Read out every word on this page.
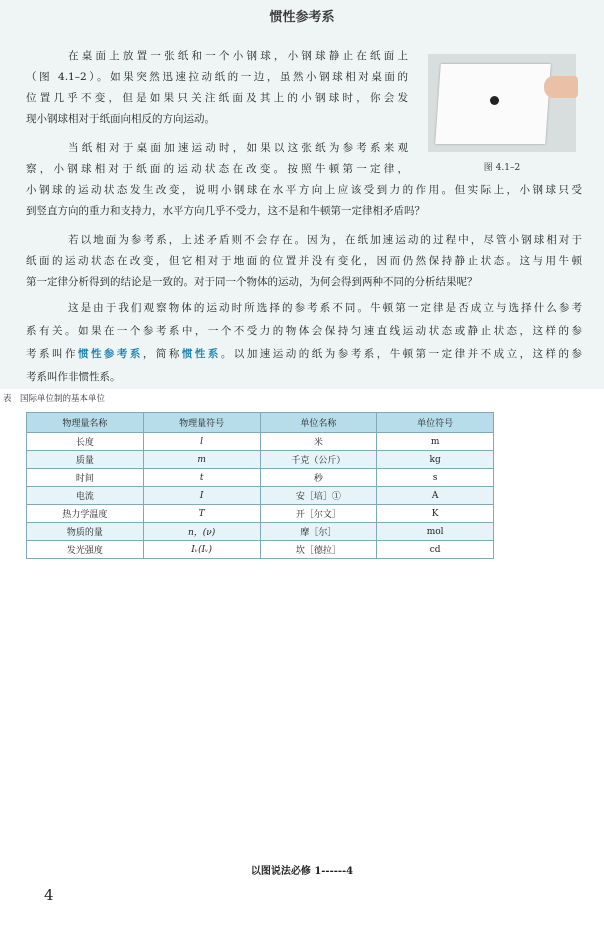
惯性参考系
图 4.1–2

在桌面上放置一张纸和一个小钢球，小钢球静止在纸面上

（图 4.1–2）。如果突然迅速拉动纸的一边，虽然小钢球相对桌面的

位置几乎不变，但是如果只关注纸面及其上的小钢球时，你会发

现小钢球相对于纸面向相反的方向运动。

当纸相对于桌面加速运动时，如果以这张纸为参考系来观

察，小钢球相对于纸面的运动状态在改变。按照牛顿第一定律，

小钢球的运动状态发生改变，说明小钢球在水平方向上应该受到力的作用。但实际上，小钢球只受

到竖直方向的重力和支持力，水平方向几乎不受力，这不是和牛顿第一定律相矛盾吗？

若以地面为参考系，上述矛盾则不会存在。因为，在纸加速运动的过程中，尽管小钢球相对于

纸面的运动状态在改变，但它相对于地面的位置并没有变化，因而仍然保持静止状态。这与用牛顿

第一定律分析得到的结论是一致的。对于同一个物体的运动，为何会得到两种不同的分析结果呢？

这是由于我们观察物体的运动时所选择的参考系不同。牛顿第一定律是否成立与选择什么参考

系有关。如果在一个参考系中，一个不受力的物体会保持匀速直线运动状态或静止状态，这样的参

考系叫作惯性参考系，简称惯性系。以加速运动的纸为参考系，牛顿第一定律并不成立，这样的参

考系叫作非惯性系。

表　国际单位制的基本单位
物理量名称	物理量符号	单位名称	单位符号
长度	l	米	m
质量	m	千克（公斤）	kg
时间	t	秒	s
电流	I	安［培］①	A
热力学温度	T	开［尔文］	K
物质的量	n，(ν)	摩［尔］	mol
发光强度	Iᵥ(Iᵥ)	坎［德拉］	cd
以图说法必修 1------4
4
